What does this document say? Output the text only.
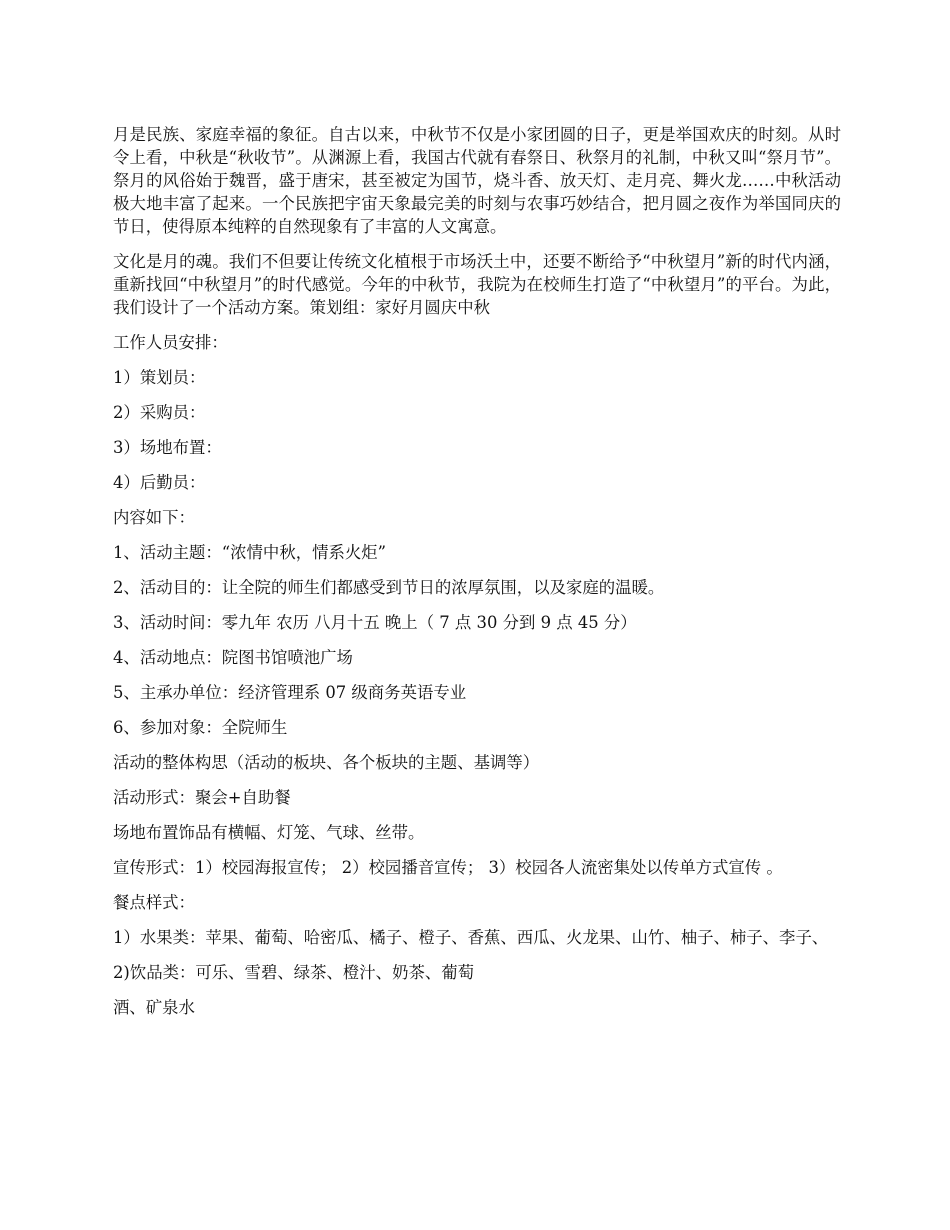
月是民族、家庭幸福的象征。自古以来，中秋节不仅是小家团圆的日子，更是举国欢庆的时刻。从时令上看，中秋是“秋收节”。从渊源上看，我国古代就有春祭日、秋祭月的礼制，中秋又叫“祭月节”。祭月的风俗始于魏晋，盛于唐宋，甚至被定为国节，烧斗香、放天灯、走月亮、舞火龙……中秋活动极大地丰富了起来。一个民族把宇宙天象最完美的时刻与农事巧妙结合，把月圆之夜作为举国同庆的节日，使得原本纯粹的自然现象有了丰富的人文寓意。

文化是月的魂。我们不但要让传统文化植根于市场沃土中，还要不断给予“中秋望月”新的时代内涵，重新找回“中秋望月”的时代感觉。今年的中秋节，我院为在校师生打造了“中秋望月”的平台。为此，我们设计了一个活动方案。策划组：家好月圆庆中秋

工作人员安排：

1）策划员：

2）采购员：

3）场地布置：

4）后勤员：

内容如下：

1、活动主题：“浓情中秋，情系火炬”

2、活动目的：让全院的师生们都感受到节日的浓厚氛围，以及家庭的温暖。

3、活动时间：零九年 农历 八月十五 晚上（ 7 点 30 分到 9 点 45 分）

4、活动地点：院图书馆喷池广场

5、主承办单位：经济管理系 07 级商务英语专业

6、参加对象：全院师生

活动的整体构思（活动的板块、各个板块的主题、基调等）

活动形式：聚会+自助餐

场地布置饰品有横幅、灯笼、气球、丝带。

宣传形式：1）校园海报宣传； 2）校园播音宣传； 3）校园各人流密集处以传单方式宣传 。

餐点样式：

1）水果类：苹果、葡萄、哈密瓜、橘子、橙子、香蕉、西瓜、火龙果、山竹、柚子、柿子、李子、

2)饮品类：可乐、雪碧、绿茶、橙汁、奶茶、葡萄

酒、矿泉水
